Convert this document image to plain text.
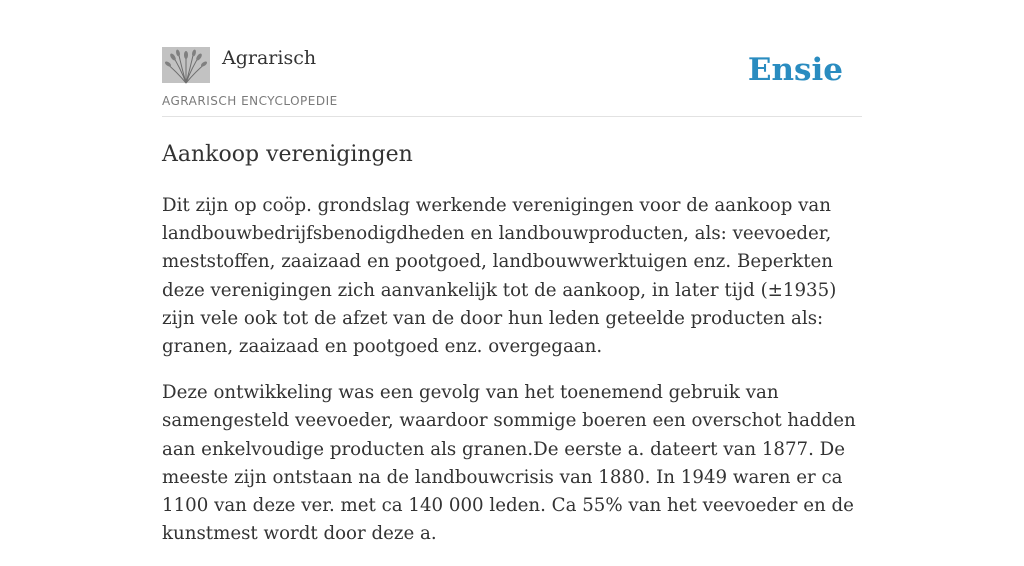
Agrarisch
AGRARISCH ENCYCLOPEDIE
Ensie
Aankoop verenigingen

Dit zijn op coöp. grondslag werkende verenigingen voor de aankoop van landbouwbedrijfsbenodigdheden en landbouwproducten, als: veevoeder, meststoffen, zaaizaad en pootgoed, landbouwwerktuigen enz. Beperkten deze verenigingen zich aanvankelijk tot de aankoop, in later tijd (±1935) zijn vele ook tot de afzet van de door hun leden geteelde producten als: granen, zaaizaad en pootgoed enz. overgegaan.

Deze ontwikkeling was een gevolg van het toenemend gebruik van samengesteld veevoeder, waardoor sommige boeren een overschot hadden aan enkelvoudige producten als granen.De eerste a. dateert van 1877. De meeste zijn ontstaan na de landbouwcrisis van 1880. In 1949 waren er ca 1100 van deze ver. met ca 140 000 leden. Ca 55% van het veevoeder en de kunstmest wordt door deze a.
